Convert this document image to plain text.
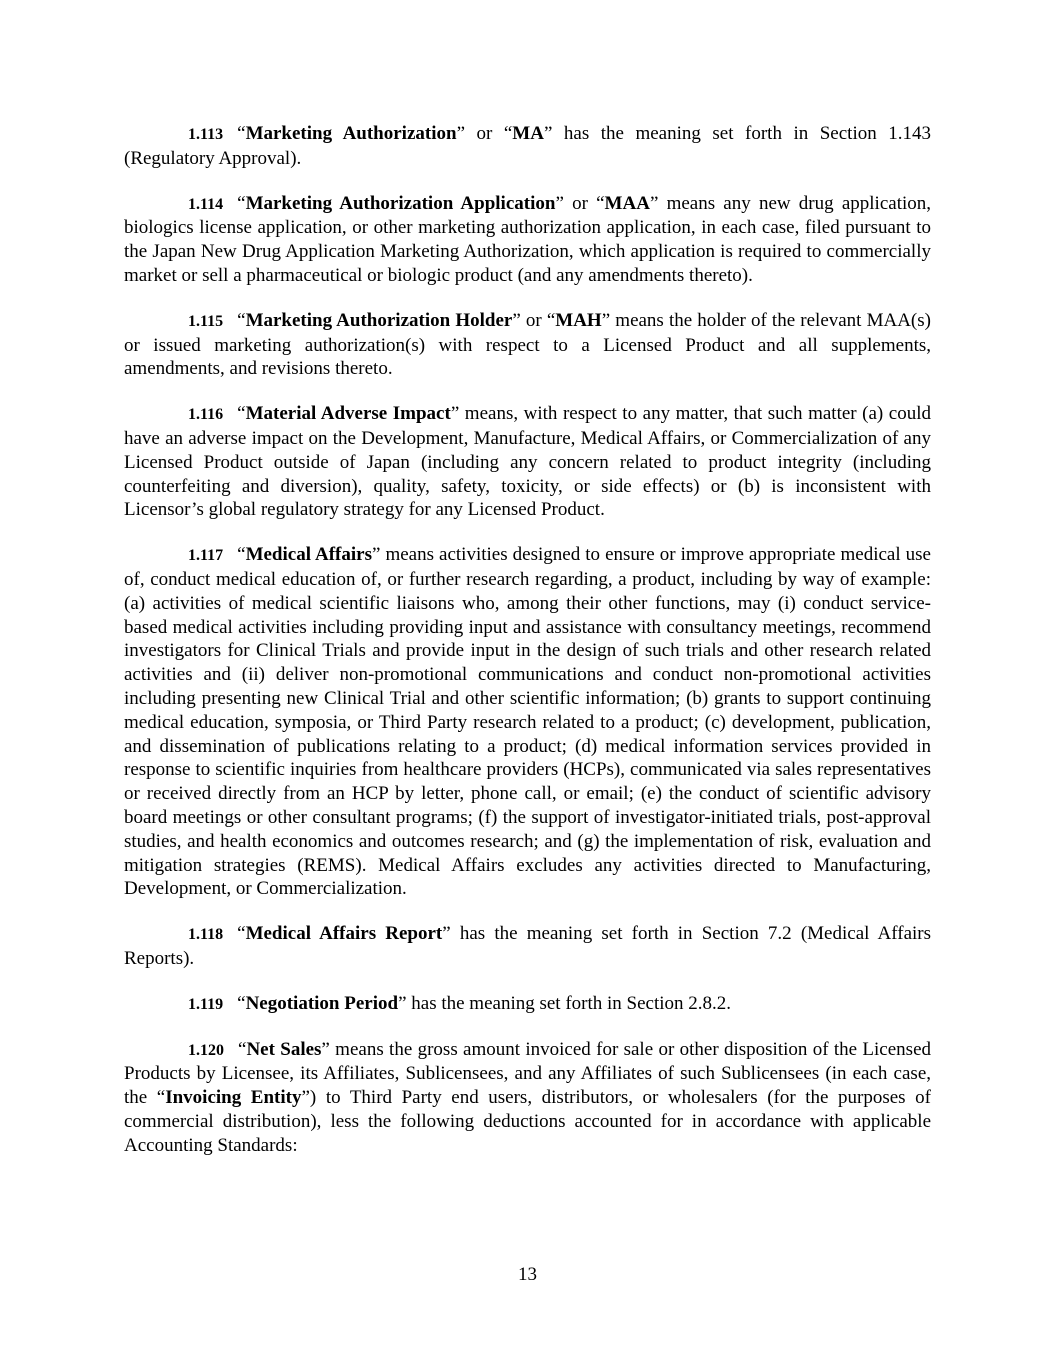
1.113 “Marketing Authorization” or “MA” has the meaning set forth in Section 1.143 (Regulatory Approval).

1.114 “Marketing Authorization Application” or “MAA” means any new drug application, biologics license application, or other marketing authorization application, in each case, filed pursuant to the Japan New Drug Application Marketing Authorization, which application is required to commercially market or sell a pharmaceutical or biologic product (and any amendments thereto).

1.115 “Marketing Authorization Holder” or “MAH” means the holder of the relevant MAA(s) or issued marketing authorization(s) with respect to a Licensed Product and all supplements, amendments, and revisions thereto.

1.116 “Material Adverse Impact” means, with respect to any matter, that such matter (a) could have an adverse impact on the Development, Manufacture, Medical Affairs, or Commercialization of any Licensed Product outside of Japan (including any concern related to product integrity (including counterfeiting and diversion), quality, safety, toxicity, or side effects) or (b) is inconsistent with Licensor’s global regulatory strategy for any Licensed Product.

1.117 “Medical Affairs” means activities designed to ensure or improve appropriate medical use of, conduct medical education of, or further research regarding, a product, including by way of example: (a) activities of medical scientific liaisons who, among their other functions, may (i) conduct service-based medical activities including providing input and assistance with consultancy meetings, recommend investigators for Clinical Trials and provide input in the design of such trials and other research related activities and (ii) deliver non-promotional communications and conduct non-promotional activities including presenting new Clinical Trial and other scientific information; (b) grants to support continuing medical education, symposia, or Third Party research related to a product; (c) development, publication, and dissemination of publications relating to a product; (d) medical information services provided in response to scientific inquiries from healthcare providers (HCPs), communicated via sales representatives or received directly from an HCP by letter, phone call, or email; (e) the conduct of scientific advisory board meetings or other consultant programs; (f) the support of investigator-initiated trials, post-approval studies, and health economics and outcomes research; and (g) the implementation of risk, evaluation and mitigation strategies (REMS). Medical Affairs excludes any activities directed to Manufacturing, Development, or Commercialization.

1.118 “Medical Affairs Report” has the meaning set forth in Section 7.2 (Medical Affairs Reports).

1.119 “Negotiation Period” has the meaning set forth in Section 2.8.2.

1.120 “Net Sales” means the gross amount invoiced for sale or other disposition of the Licensed Products by Licensee, its Affiliates, Sublicensees, and any Affiliates of such Sublicensees (in each case, the “Invoicing Entity”) to Third Party end users, distributors, or wholesalers (for the purposes of commercial distribution), less the following deductions accounted for in accordance with applicable Accounting Standards:

13
